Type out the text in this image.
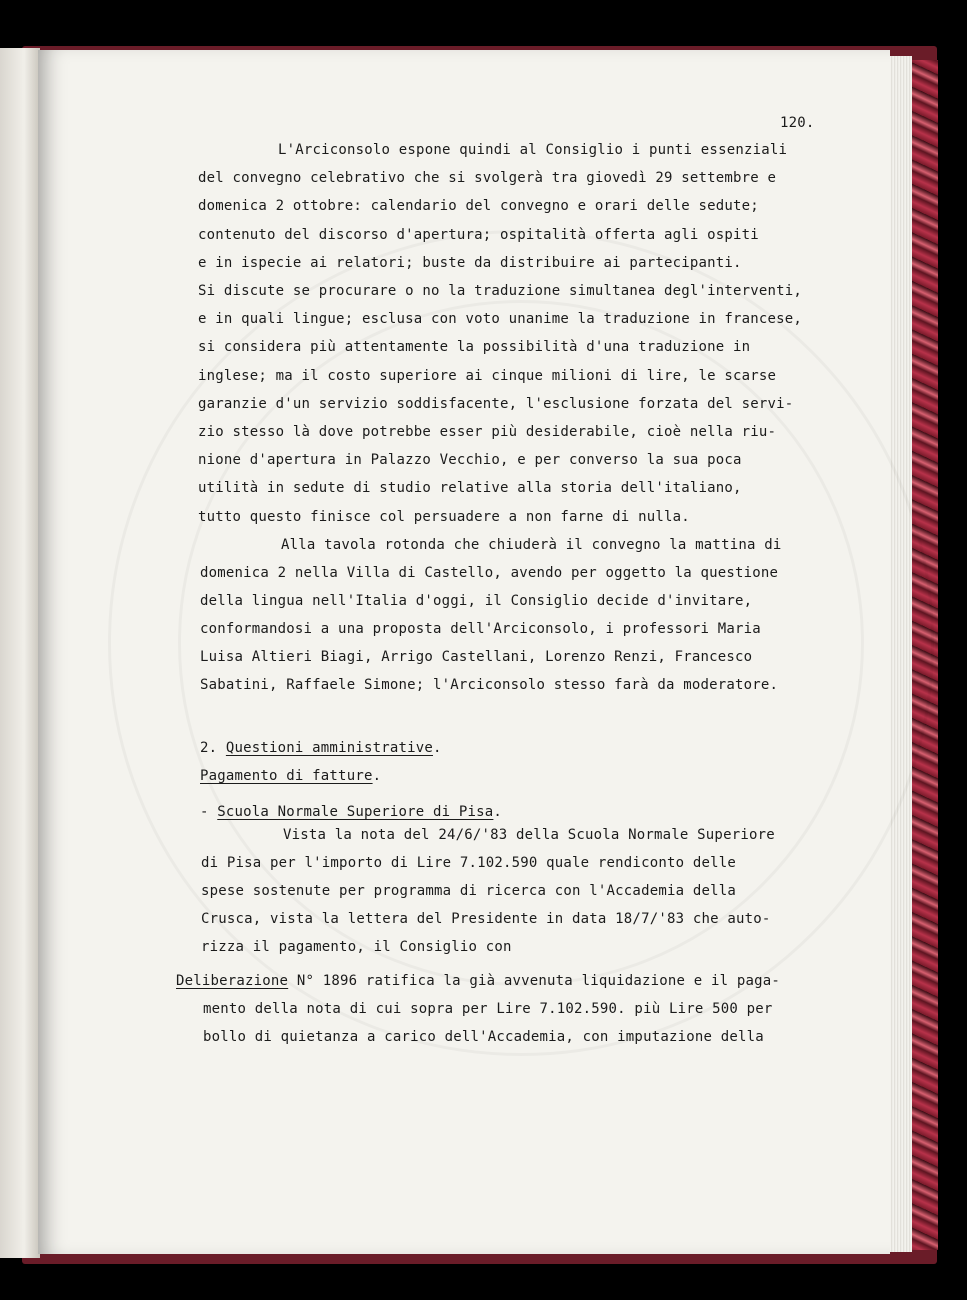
120.
L'Arciconsolo espone quindi al Consiglio i punti essenziali
del convegno celebrativo che si svolgerà tra giovedì 29 settembre e
domenica 2 ottobre: calendario del convegno e orari delle sedute;
contenuto del discorso d'apertura; ospitalità offerta agli ospiti
e in ispecie ai relatori; buste da distribuire ai partecipanti.
Si discute se procurare o no la traduzione simultanea degl'interventi,
e in quali lingue; esclusa con voto unanime la traduzione in francese,
si considera più attentamente la possibilità d'una traduzione in
inglese; ma il costo superiore ai cinque milioni di lire, le scarse
garanzie d'un servizio soddisfacente, l'esclusione forzata del servi-
zio stesso là dove potrebbe esser più desiderabile, cioè nella riu-
nione d'apertura in Palazzo Vecchio, e per converso la sua poca
utilità in sedute di studio relative alla storia dell'italiano,
tutto questo finisce col persuadere a non farne di nulla.
Alla tavola rotonda che chiuderà il convegno la mattina di
domenica 2 nella Villa di Castello, avendo per oggetto la questione
della lingua nell'Italia d'oggi, il Consiglio decide d'invitare,
conformandosi a una proposta dell'Arciconsolo, i professori Maria
Luisa Altieri Biagi, Arrigo Castellani, Lorenzo Renzi, Francesco
Sabatini, Raffaele Simone; l'Arciconsolo stesso farà da moderatore.
2. Questioni amministrative.
Pagamento di fatture.
- Scuola Normale Superiore di Pisa.
Vista la nota del 24/6/'83 della Scuola Normale Superiore
di Pisa per l'importo di Lire 7.102.590 quale rendiconto delle
spese sostenute per programma di ricerca con l'Accademia della
Crusca, vista la lettera del Presidente in data 18/7/'83 che auto-
rizza il pagamento, il Consiglio con
Deliberazione N° 1896 ratifica la già avvenuta liquidazione e il paga-
mento della nota di cui sopra per Lire 7.102.590. più Lire 500 per
bollo di quietanza a carico dell'Accademia, con imputazione della
